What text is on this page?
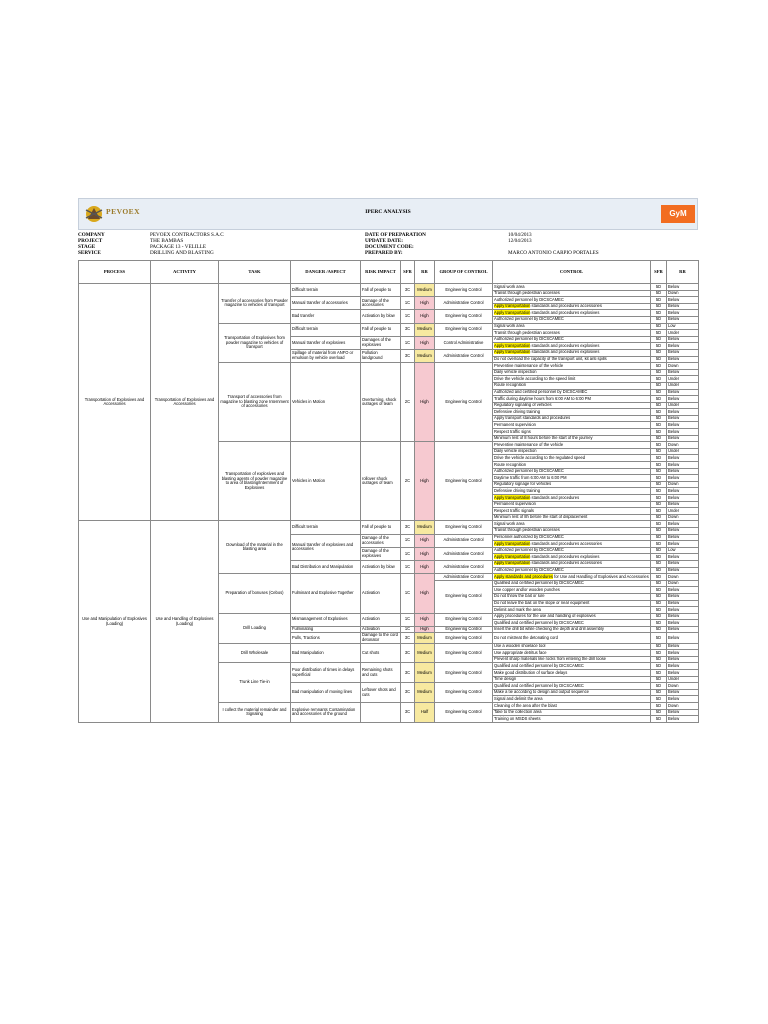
PEVOEX	IPERC ANALYSIS	GyM
COMPANY	PEVOEX CONTRACTORS S.A.C
PROJECT	THE BAMBAS
STAGE	PACKAGE 13 - VELILLE
SERVICE	DRILLING AND BLASTING
DATE OF PREPARATION	10/04/2013
UPDATE DATE:	12/04/2013
DOCUMENT CODE:
PREPARED BY:	MARCO ANTONIO CARPIO PORTALES
PROCESS	ACTIVITY	TASK	DANGER /ASPECT	RISK IMPACT	SFR	RR	GROUP OF CONTROL	CONTROL	SFR	RR
Transportation of Explosives and Accessories	Transportation of Explosives and Accessories	Transfer of accessories from Powder magazine to vehicles of transport	Difficult terrain	Fall of people to	3C	Medium	Engineering Control	Signal work area	5D	Below
								Transit through pedestrian accesses	5D	Down
			Manual transfer of accessories	Damage of the accessories	1C	High	Administrative Control	Authorized personnel by DICSCAMEC	5D	Below
								Apply transportation standards and procedures accessories	5D	Below
			Bad transfer	Activation by blow	1C	High	Engineering Control	Apply transportation standards and procedures explosives	5D	Below
								Authorized personnel by DICSCAMEC	5D	Below
		Transportation of Explosives from powder magazine to vehicles of transport	Difficult terrain	Fall of people to	3C	Medium	Engineering Control	Signal work area	5D	Low
								Transit through pedestrian accesses	5D	Under
			Manual transfer of explosives	Damages of the explosives	1C	High	Control Administrative	Authorized personnel by DICSCAMEC	5D	Below
								Apply transportation standards and procedures explosives	5D	Below
			Spillage of material from ANFO or emulsion by vehicle overload	Pollution landground	3C	Medium	Administrative Control	Apply transportation standards and procedures explosives	5D	Below
								Do not overload the capacity of the transport unit, kit anti spills	5D	Below
		Transport of accessories from magazine to blasting zone Internment of accessories	Vehicles in Motion	Overturning, shock outrages of team	2C	High	Engineering Control	Preventive maintenance of the vehicle	5D	Down
								Daily vehicle inspection	5D	Below
								Drive the vehicle according to the speed limit	5D	Under
								Route recognition	5D	Under
								Authorized and certified personnel by DICSCAMEC	5D	Below
								Traffic during daytime hours from 6:00 AM to 6:00 PM	5D	Below
								Regulatory signaling of vehicles	5D	Under
								Defensive driving training	5D	Below
								Apply transport standards and procedures	5D	Below
								Permanent supervision	5D	Below
								Respect traffic signs	5D	Below
								Minimum rest of 8 hours before the start of the journey	5D	Below
		Transportation of explosives and blasting agents of powder magazine to area of blasting/Internment of Explosives	Vehicles in Motion	rollover shock outrages of team	2C	High	Engineering Control	Preventive maintenance of the vehicle	5D	Down
								Daily vehicle inspection	5D	Under
								Drive the vehicle according to the regulated speed	5D	Below
								Route recognition	5D	Below
								Authorized personnel by DICSCAMEC	5D	Below
								Daytime traffic from 6:00 AM to 6:00 PM	5D	Below
								Regulatory signage for vehicles	5D	Down
								Defensive driving training	5D	Below
								Apply transportation standards and procedures	5D	Below
								Permanent supervision	5D	Below
								Respect traffic signals	5D	Under
								Minimum rest of 8h before the start of displacement	5D	Down
Use and Manipulation of Explosives (Loading)	Use and Handling of Explosives (Loading)	Download of the material in the blasting area	Difficult terrain	Fall of people to	3C	Medium	Engineering Control	Signal work area	5D	Below
								Transit through pedestrian accesses	5D	Below
			Manual transfer of explosives and accessories	Damage of the accessories	1C	High	Administrative Control	Personnel authorized by DICSCAMEC	5D	Below
								Apply transportation standards and procedures accessories	5D	Below
				Damage of the explosives	1C	High	Administrative Control	Authorized personnel by DICSCAMEC	5D	Low
								Apply transportation standards and procedures explosives	5D	Below
			Bad Distribution and Manipulation	Activation by blow	1C	High	Administrative Control	Apply transportation standards and procedures accessories	5D	Below
								Authorized personnel by DICSCAMEC	5D	Below
		Preparation of bonuses (Cebos)	Fulminant and Explosive Together	Activation	1C	High	Administrative Control	Apply standards and procedures for Use and Handling of Explosives and Accessories	5D	Down
							Engineering Control	Qualified and certified personnel by DICSCAMEC	5D	Down
								Use copper and/or wooden punches	5D	Below
								Do not throw the bait or lure	5D	Below
								Do not leave the bait on the slope or near equipment	5D	Below
								Delimit and mark the area	5D	Below
		Drill Loading	Mismanagement of Explosives	Activation	1C	High	Engineering Control	Apply procedures for the use and handling of explosives	5D	Below
								Qualified and certified personnel by DICSCAMEC	5D	Below
			Fulminating	Activation	1C	High	Engineering Control	Insert the drill bit while checking the depth and drill assembly	5D	Below
			Pulls, Tractions	Damage to the cord detonator	3C	Medium	Engineering Control	Do not mistreat the detonating cord	5D	Below
		Drill Wholesale	Bad Manipulation	Cut shots	3C	Medium	Engineering Control	Use a wooden shoelace tool	5D	Below
								Use appropriate detritus face	5D	Below
								Prevent sharp materials like rocks from entering the drill loose	5D	Below
		Trunk Line Tie-in	Poor distribution of times in delays superficial	Remaining shots and cuts	3C	Medium	Engineering Control	Qualified and certified personnel by DICSCAMEC	5D	Below
								Make good distribution of surface delays	5D	Below
								Time design	5D	Under
			Bad manipulation of moving lines	Leftover shots and cuts	3C	Medium	Engineering Control	Qualified and certified personnel by DICSCAMEC	5D	Down
								Make a tie according to design and output sequence	5D	Below
								Signal and delimit the area	5D	Below
		I collect the material remainder and Signaling	Explosive remnants Contamination and accessories of the ground		3C	Half	Engineering Control	Cleaning of the area after the blast	5D	Down
								Take to the collection area	5D	Below
								Training on MSDS sheets	5D	Below
